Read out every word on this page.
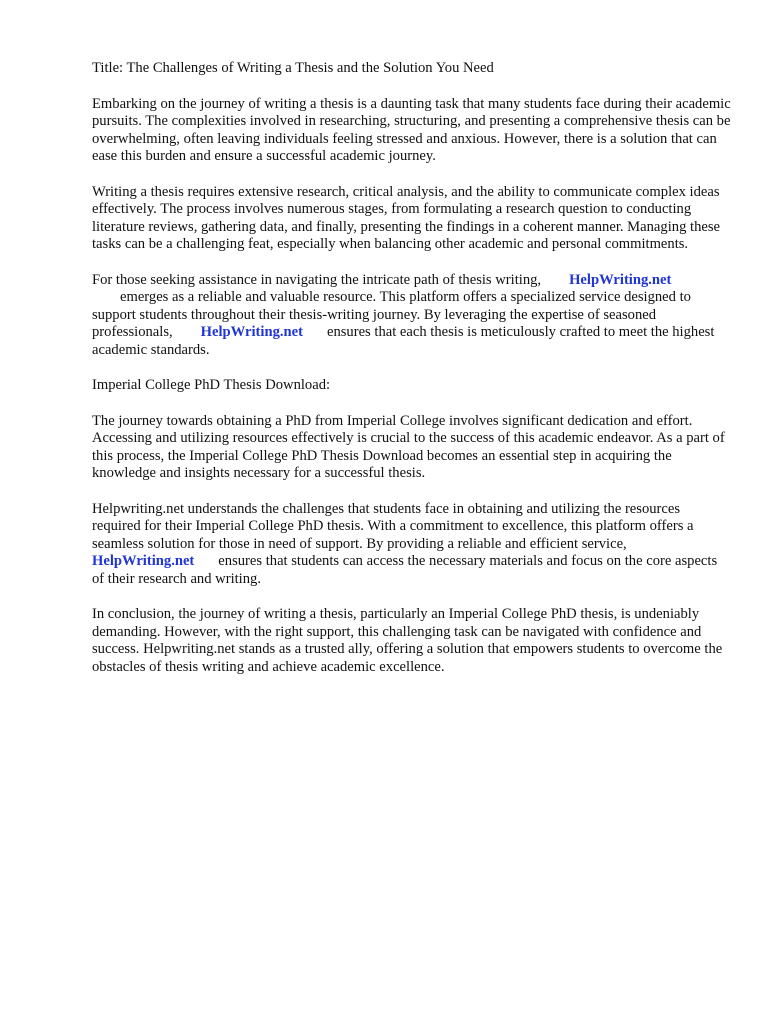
Title: The Challenges of Writing a Thesis and the Solution You Need

Embarking on the journey of writing a thesis is a daunting task that many students face during their academic pursuits. The complexities involved in researching, structuring, and presenting a comprehensive thesis can be overwhelming, often leaving individuals feeling stressed and anxious. However, there is a solution that can ease this burden and ensure a successful academic journey.

Writing a thesis requires extensive research, critical analysis, and the ability to communicate complex ideas effectively. The process involves numerous stages, from formulating a research question to conducting literature reviews, gathering data, and finally, presenting the findings in a coherent manner. Managing these tasks can be a challenging feat, especially when balancing other academic and personal commitments.

For those seeking assistance in navigating the intricate path of thesis writing, HelpWriting.net
emerges as a reliable and valuable resource. This platform offers a specialized service designed to support students throughout their thesis-writing journey. By leveraging the expertise of seasoned professionals, HelpWriting.net ensures that each thesis is meticulously crafted to meet the highest academic standards.

Imperial College PhD Thesis Download:

The journey towards obtaining a PhD from Imperial College involves significant dedication and effort. Accessing and utilizing resources effectively is crucial to the success of this academic endeavor. As a part of this process, the Imperial College PhD Thesis Download becomes an essential step in acquiring the knowledge and insights necessary for a successful thesis.

Helpwriting.net understands the challenges that students face in obtaining and utilizing the resources required for their Imperial College PhD thesis. With a commitment to excellence, this platform offers a seamless solution for those in need of support. By providing a reliable and efficient service,
HelpWriting.net ensures that students can access the necessary materials and focus on the core aspects of their research and writing.

In conclusion, the journey of writing a thesis, particularly an Imperial College PhD thesis, is undeniably demanding. However, with the right support, this challenging task can be navigated with confidence and success. Helpwriting.net stands as a trusted ally, offering a solution that empowers students to overcome the obstacles of thesis writing and achieve academic excellence.
